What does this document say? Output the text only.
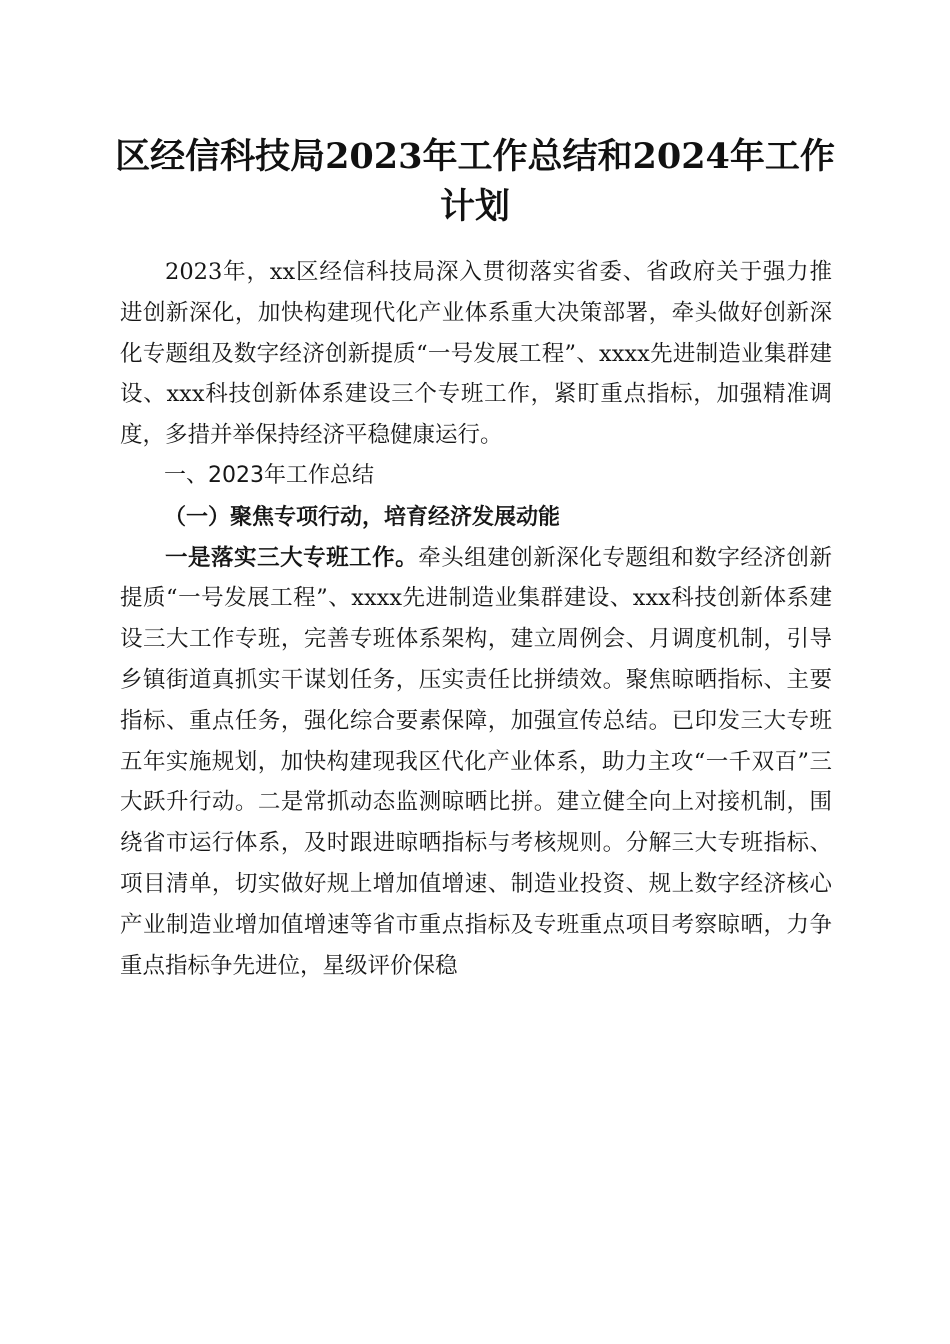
区经信科技局2023年工作总结和2024年工作
计划

2023年，xx区经信科技局深入贯彻落实省委、省政府关于强力推进创新深化，加快构建现代化产业体系重大决策部署，牵头做好创新深化专题组及数字经济创新提质“一号发展工程”、xxxx先进制造业集群建设、xxx科技创新体系建设三个专班工作，紧盯重点指标，加强精准调度，多措并举保持经济平稳健康运行。

一、2023年工作总结

（一）聚焦专项行动，培育经济发展动能

一是落实三大专班工作。牵头组建创新深化专题组和数字经济创新提质“一号发展工程”、xxxx先进制造业集群建设、xxx科技创新体系建设三大工作专班，完善专班体系架构，建立周例会、月调度机制，引导乡镇街道真抓实干谋划任务，压实责任比拼绩效。聚焦晾晒指标、主要指标、重点任务，强化综合要素保障，加强宣传总结。已印发三大专班五年实施规划，加快构建现我区代化产业体系，助力主攻“一千双百”三大跃升行动。二是常抓动态监测晾晒比拼。建立健全向上对接机制，围绕省市运行体系，及时跟进晾晒指标与考核规则。分解三大专班指标、项目清单，切实做好规上增加值增速、制造业投资、规上数字经济核心产业制造业增加值增速等省市重点指标及专班重点项目考察晾晒，力争重点指标争先进位，星级评价保稳
